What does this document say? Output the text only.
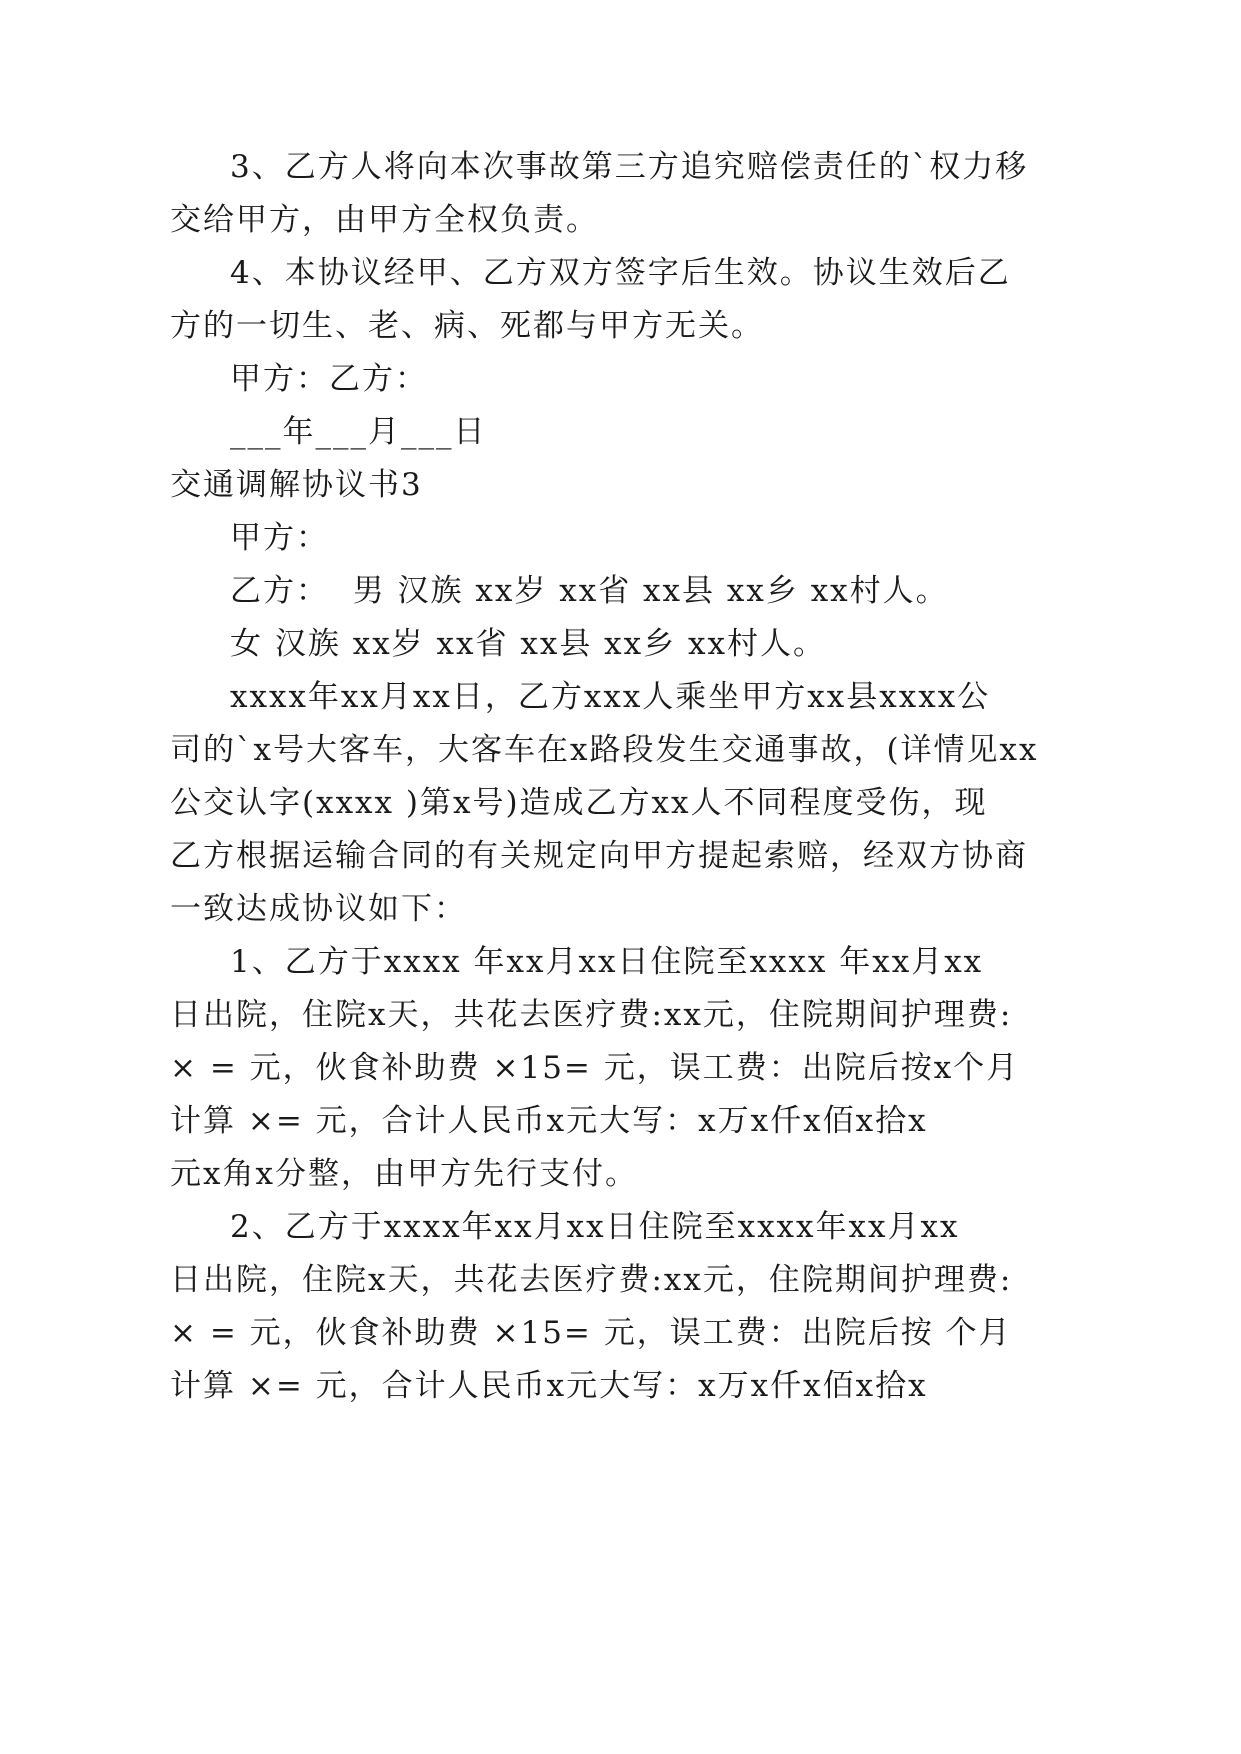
3、乙方人将向本次事故第三方追究赔偿责任的`权力移

交给甲方，由甲方全权负责。

4、本协议经甲、乙方双方签字后生效。协议生效后乙

方的一切生、老、病、死都与甲方无关。

甲方：乙方：

___年___月___日

交通调解协议书3

甲方：

乙方：  男 汉族 xx岁 xx省 xx县 xx乡 xx村人。

女 汉族 xx岁 xx省 xx县 xx乡 xx村人。

xxxx年xx月xx日，乙方xxx人乘坐甲方xx县xxxx公

司的`x号大客车，大客车在x路段发生交通事故，(详情见xx

公交认字(xxxx )第x号)造成乙方xx人不同程度受伤，现

乙方根据运输合同的有关规定向甲方提起索赔，经双方协商

一致达成协议如下：

1、乙方于xxxx 年xx月xx日住院至xxxx 年xx月xx

日出院，住院x天，共花去医疗费:xx元，住院期间护理费:

× = 元，伙食补助费 ×15= 元，误工费：出院后按x个月

计算 ×= 元，合计人民币x元大写：x万x仟x佰x拾x

元x角x分整，由甲方先行支付。

2、乙方于xxxx年xx月xx日住院至xxxx年xx月xx

日出院，住院x天，共花去医疗费:xx元，住院期间护理费:

× = 元，伙食补助费 ×15= 元，误工费：出院后按 个月

计算 ×= 元，合计人民币x元大写：x万x仟x佰x拾x
